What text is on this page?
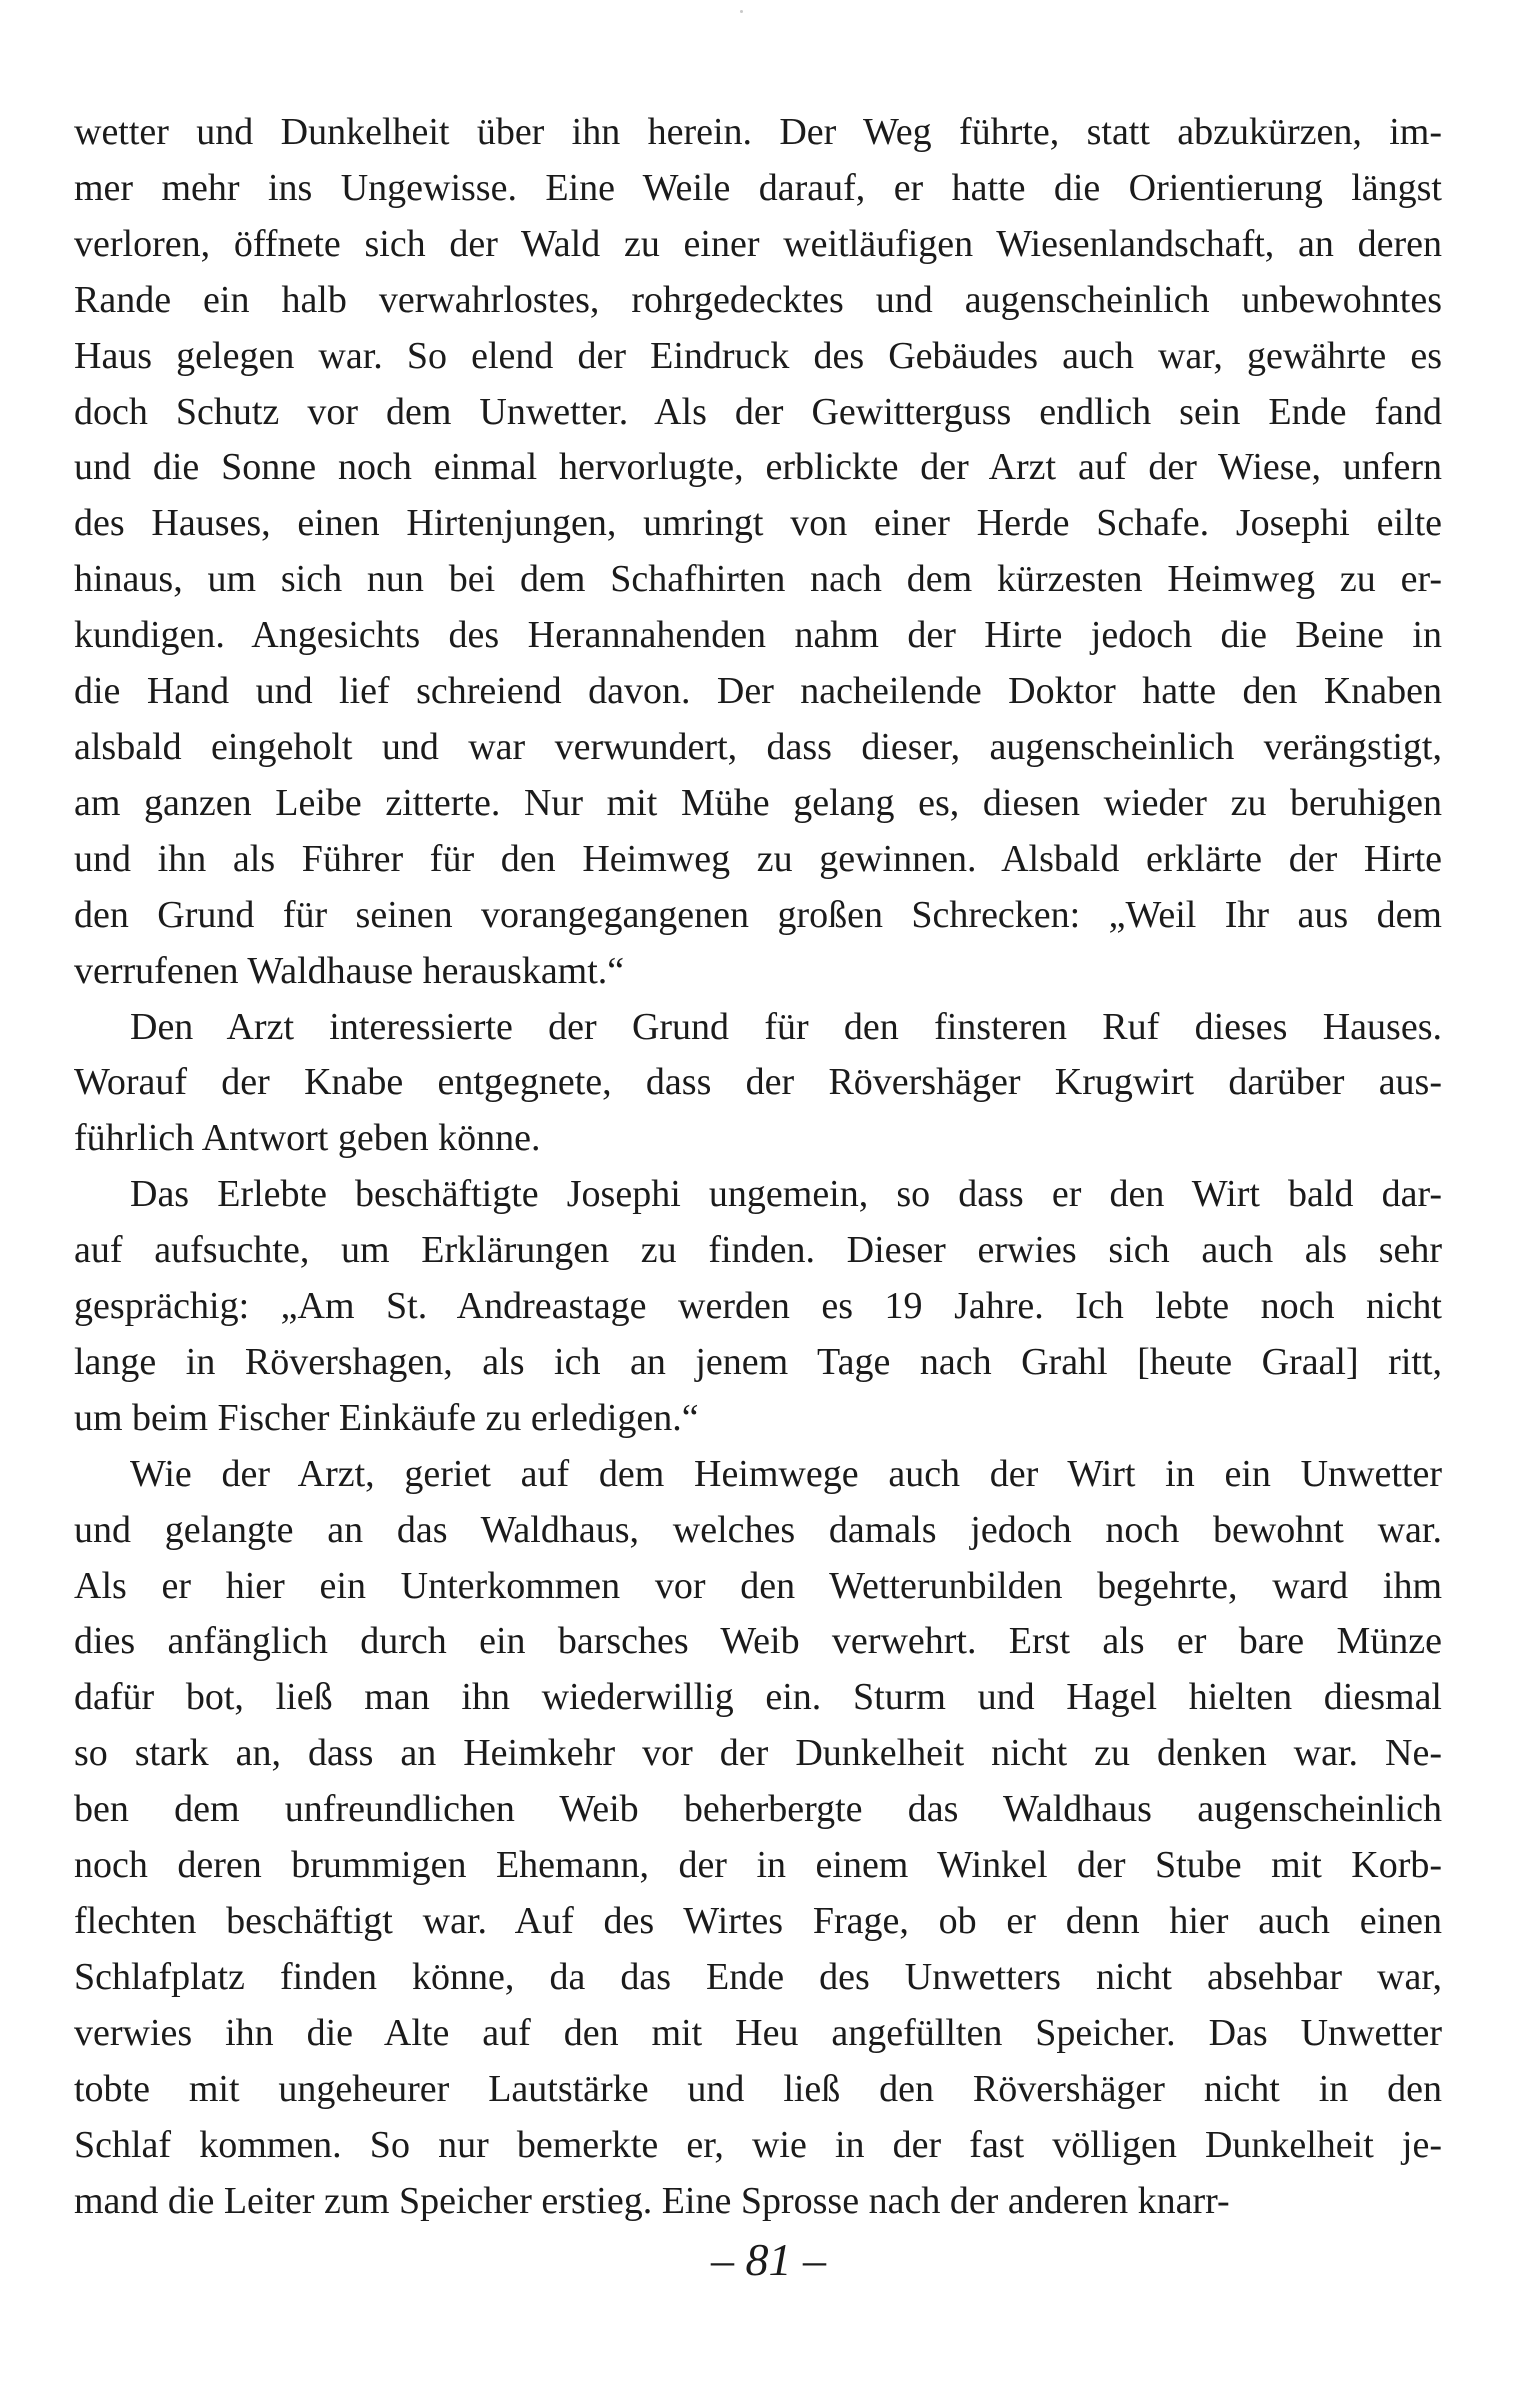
wetter und Dunkelheit über ihn herein. Der Weg führte, statt abzukürzen, im-
mer mehr ins Ungewisse. Eine Weile darauf, er hatte die Orientierung längst
verloren, öffnete sich der Wald zu einer weitläufigen Wiesenlandschaft, an deren
Rande ein halb verwahrlostes, rohrgedecktes und augenscheinlich unbewohntes
Haus gelegen war. So elend der Eindruck des Gebäudes auch war, gewährte es
doch Schutz vor dem Unwetter. Als der Gewitterguss endlich sein Ende fand
und die Sonne noch einmal hervorlugte, erblickte der Arzt auf der Wiese, unfern
des Hauses, einen Hirtenjungen, umringt von einer Herde Schafe. Josephi eilte
hinaus, um sich nun bei dem Schafhirten nach dem kürzesten Heimweg zu er-
kundigen. Angesichts des Herannahenden nahm der Hirte jedoch die Beine in
die Hand und lief schreiend davon. Der nacheilende Doktor hatte den Knaben
alsbald eingeholt und war verwundert, dass dieser, augenscheinlich verängstigt,
am ganzen Leibe zitterte. Nur mit Mühe gelang es, diesen wieder zu beruhigen
und ihn als Führer für den Heimweg zu gewinnen. Alsbald erklärte der Hirte
den Grund für seinen vorangegangenen großen Schrecken: „Weil Ihr aus dem
verrufenen Waldhause herauskamt.“
Den Arzt interessierte der Grund für den finsteren Ruf dieses Hauses.
Worauf der Knabe entgegnete, dass der Rövershäger Krugwirt darüber aus-
führlich Antwort geben könne.
Das Erlebte beschäftigte Josephi ungemein, so dass er den Wirt bald dar-
auf aufsuchte, um Erklärungen zu finden. Dieser erwies sich auch als sehr
gesprächig: „Am St. Andreastage werden es 19 Jahre. Ich lebte noch nicht
lange in Rövershagen, als ich an jenem Tage nach Grahl [heute Graal] ritt,
um beim Fischer Einkäufe zu erledigen.“
Wie der Arzt, geriet auf dem Heimwege auch der Wirt in ein Unwetter
und gelangte an das Waldhaus, welches damals jedoch noch bewohnt war.
Als er hier ein Unterkommen vor den Wetterunbilden begehrte, ward ihm
dies anfänglich durch ein barsches Weib verwehrt. Erst als er bare Münze
dafür bot, ließ man ihn wiederwillig ein. Sturm und Hagel hielten diesmal
so stark an, dass an Heimkehr vor der Dunkelheit nicht zu denken war. Ne-
ben dem unfreundlichen Weib beherbergte das Waldhaus augenscheinlich
noch deren brummigen Ehemann, der in einem Winkel der Stube mit Korb-
flechten beschäftigt war. Auf des Wirtes Frage, ob er denn hier auch einen
Schlafplatz finden könne, da das Ende des Unwetters nicht absehbar war,
verwies ihn die Alte auf den mit Heu angefüllten Speicher. Das Unwetter
tobte mit ungeheurer Lautstärke und ließ den Rövershäger nicht in den
Schlaf kommen. So nur bemerkte er, wie in der fast völligen Dunkelheit je-
mand die Leiter zum Speicher erstieg. Eine Sprosse nach der anderen knarr-
– 81 –
